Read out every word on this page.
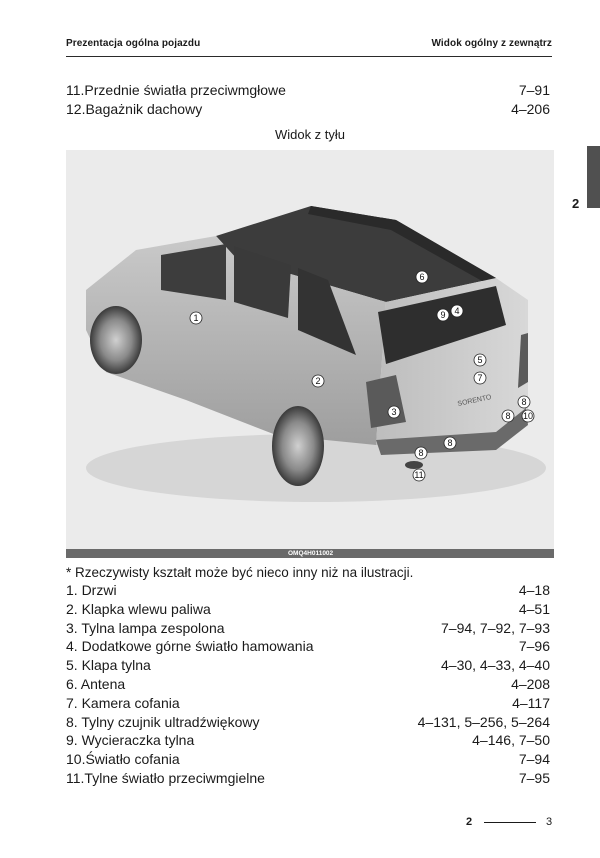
Prezentacja ogólna pojazdu	Widok ogólny z zewnątrz
11.Przednie światła przeciwmgłowe	7–91
12.Bagażnik dachowy	4–206
Widok z tyłu
SORENTO
1
2
3
4
5
6
7
8
8
8
8
9
10
11
OMQ4H011002
* Rzeczywisty kształt może być nieco inny niż na ilustracji.
1. Drzwi	4–18
2. Klapka wlewu paliwa	4–51
3. Tylna lampa zespolona	7–94, 7–92, 7–93
4. Dodatkowe górne światło hamowania	7–96
5. Klapa tylna	4–30, 4–33, 4–40
6. Antena	4–208
7. Kamera cofania	4–117
8. Tylny czujnik ultradźwiękowy	4–131, 5–256, 5–264
9. Wycieraczka tylna	4–146, 7–50
10.Światło cofania	7–94
11.Tylne światło przeciwmgielne	7–95
2
2	3
